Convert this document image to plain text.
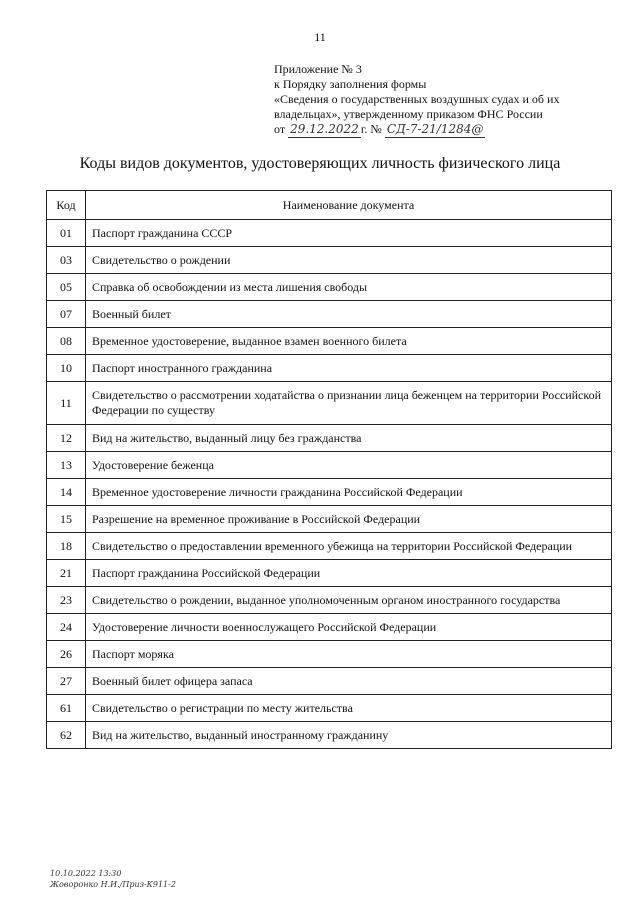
11
Приложение № 3
к Порядку заполнения формы
«Сведения о государственных воздушных судах и об их
владельцах», утвержденному приказом ФНС России
от 29.12.2022 г. № СД-7-21/1284@
Коды видов документов, удостоверяющих личность физического лица
Код	Наименование документа
01	Паспорт гражданина СССР
03	Свидетельство о рождении
05	Справка об освобождении из места лишения свободы
07	Военный билет
08	Временное удостоверение, выданное взамен военного билета
10	Паспорт иностранного гражданина
11	Свидетельство о рассмотрении ходатайства о признании лица беженцем на территории Российской Федерации по существу
12	Вид на жительство, выданный лицу без гражданства
13	Удостоверение беженца
14	Временное удостоверение личности гражданина Российской Федерации
15	Разрешение на временное проживание в Российской Федерации
18	Свидетельство о предоставлении временного убежища на территории Российской Федерации
21	Паспорт гражданина Российской Федерации
23	Свидетельство о рождении, выданное уполномоченным органом иностранного государства
24	Удостоверение личности военнослужащего Российской Федерации
26	Паспорт моряка
27	Военный билет офицера запаса
61	Свидетельство о регистрации по месту жительства
62	Вид на жительство, выданный иностранному гражданину
10.10.2022 13:30
Жоворонко Н.И./Приз-К911-2
